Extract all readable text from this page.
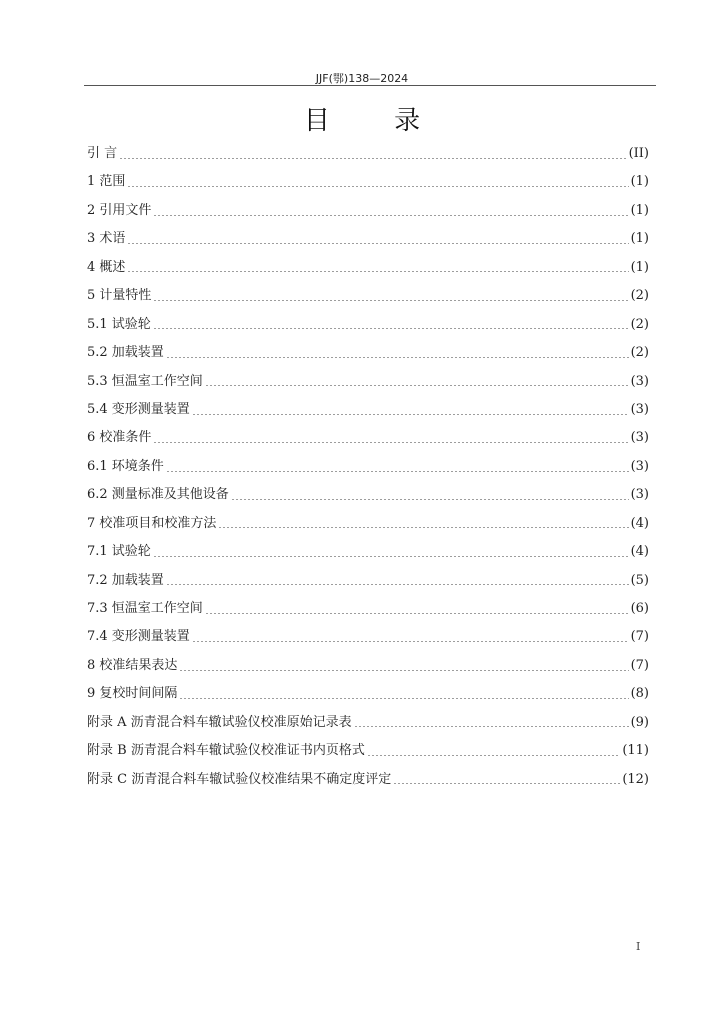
JJF(鄂)138—2024
目 录
引 言	(II)
1 范围	(1)
2 引用文件	(1)
3 术语	(1)
4 概述	(1)
5 计量特性	(2)
5.1 试验轮	(2)
5.2 加载装置	(2)
5.3 恒温室工作空间	(3)
5.4 变形测量装置	(3)
6 校准条件	(3)
6.1 环境条件	(3)
6.2 测量标准及其他设备	(3)
7 校准项目和校准方法	(4)
7.1 试验轮	(4)
7.2 加载装置	(5)
7.3 恒温室工作空间	(6)
7.4 变形测量装置	(7)
8 校准结果表达	(7)
9 复校时间间隔	(8)
附录 A 沥青混合料车辙试验仪校准原始记录表	(9)
附录 B 沥青混合料车辙试验仪校准证书内页格式	(11)
附录 C 沥青混合料车辙试验仪校准结果不确定度评定	(12)
I
